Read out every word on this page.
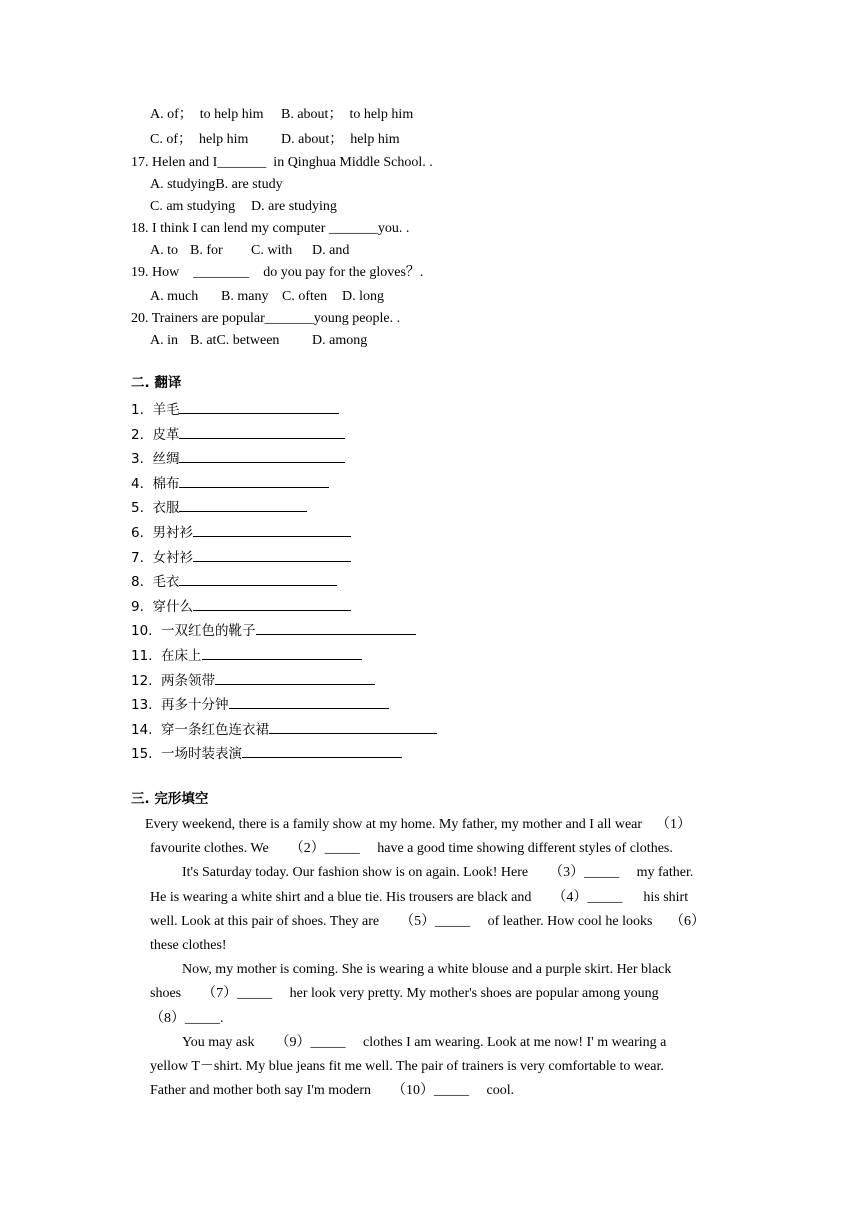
A. of；　to help him B. about；　to help him
C. of；　help him D. about；　help him
17. Helen and I_______  in Qinghua Middle School. .
A. studyingB. are study
C. am studying D. are studying
18. I think I can lend my computer _______you. .
A. to B. for C. with D. and
19. How    ________    do you pay for the gloves？.
A. much B. many C. often D. long
20. Trainers are popular_______young people. .
A. in B. atC. between D. among
二. 翻译
1.  羊毛
2.  皮革
3.  丝绸
4.  棉布
5.  衣服
6.  男衬衫
7.  女衬衫
8.  毛衣
9.  穿什么
10.  一双红色的靴子
11.  在床上
12.  两条领带
13.  再多十分钟
14.  穿一条红色连衣裙
15.  一场时装表演
三. 完形填空
Every weekend, there is a family show at my home. My father, my mother and I all wear    （1）
favourite clothes. We      （2）_____     have a good time showing different styles of clothes.
It's Saturday today. Our fashion show is on again. Look! Here      （3）_____     my father.
He is wearing a white shirt and a blue tie. His trousers are black and      （4）_____      his shirt
well. Look at this pair of shoes. They are      （5）_____     of leather. How cool he looks     （6）
these clothes!
Now, my mother is coming. She is wearing a white blouse and a purple skirt. Her black
shoes      （7）_____     her look very pretty. My mother's shoes are popular among young
（8）_____.
You may ask      （9）_____     clothes I am wearing. Look at me now! I' m wearing a
yellow T－shirt. My blue jeans fit me well. The pair of trainers is very comfortable to wear.
Father and mother both say I'm modern      （10）_____     cool.
